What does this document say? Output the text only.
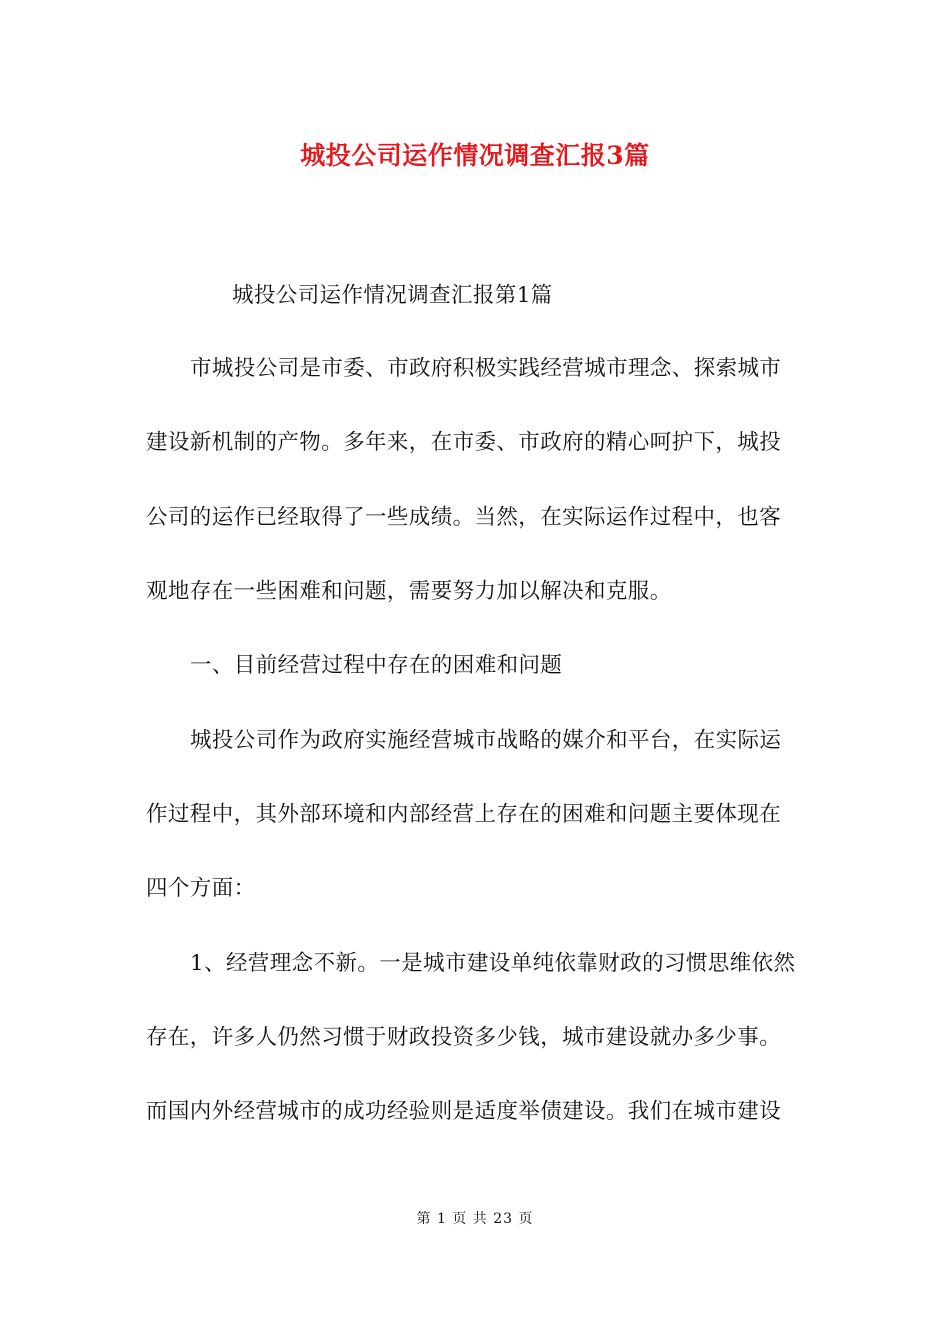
城投公司运作情况调查汇报3篇
城投公司运作情况调查汇报第1篇
市城投公司是市委、市政府积极实践经营城市理念、探索城市
建设新机制的产物。多年来，在市委、市政府的精心呵护下，城投
公司的运作已经取得了一些成绩。当然，在实际运作过程中，也客
观地存在一些困难和问题，需要努力加以解决和克服。
一、目前经营过程中存在的困难和问题
城投公司作为政府实施经营城市战略的媒介和平台，在实际运
作过程中，其外部环境和内部经营上存在的困难和问题主要体现在
四个方面：
1、经营理念不新。一是城市建设单纯依靠财政的习惯思维依然
存在，许多人仍然习惯于财政投资多少钱，城市建设就办多少事。
而国内外经营城市的成功经验则是适度举债建设。我们在城市建设
第 1 页 共 23 页
